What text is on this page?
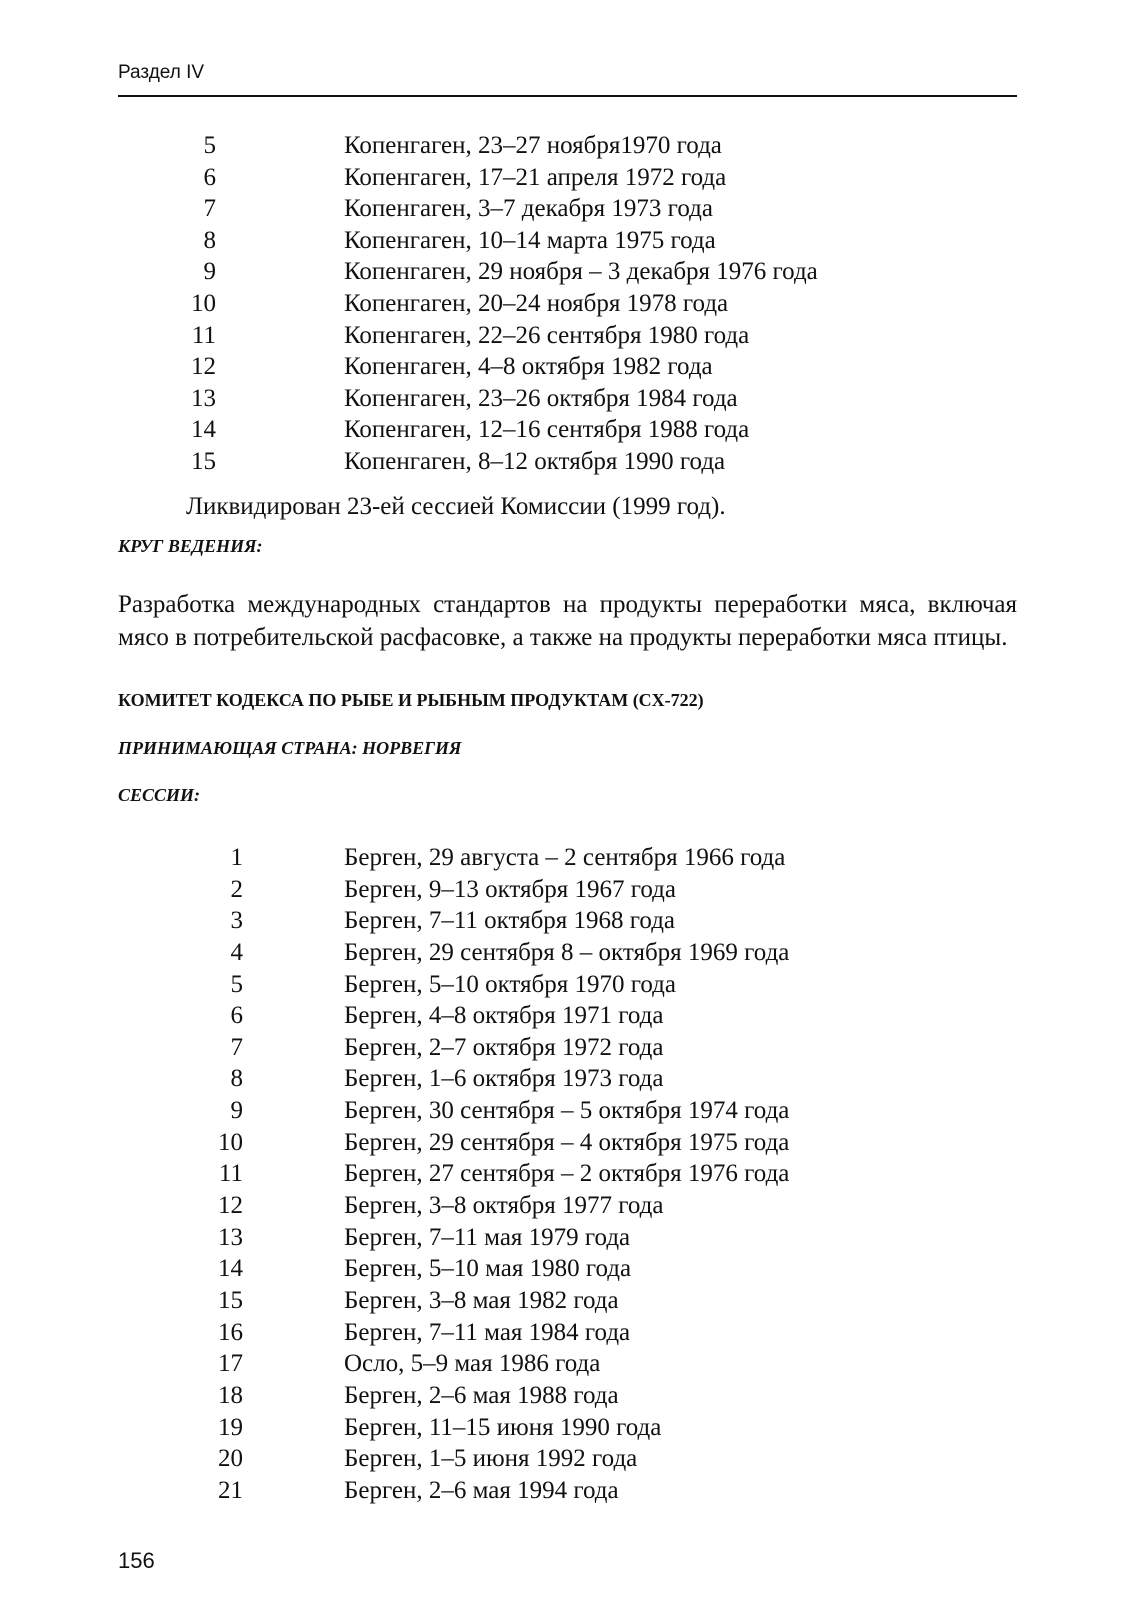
Раздел IV
5	Копенгаген, 23–27 ноября1970 года
6	Копенгаген, 17–21 апреля 1972 года
7	Копенгаген, 3–7 декабря 1973 года
8	Копенгаген, 10–14 марта 1975 года
9	Копенгаген, 29 ноября – 3 декабря 1976 года
10	Копенгаген, 20–24 ноября 1978 года
11	Копенгаген, 22–26 сентября 1980 года
12	Копенгаген, 4–8 октября 1982 года
13	Копенгаген, 23–26 октября 1984 года
14	Копенгаген, 12–16 сентября 1988 года
15	Копенгаген, 8–12 октября 1990 года
Ликвидирован 23-ей сессией Комиссии (1999 год).
КРУГ ВЕДЕНИЯ:
Разработка международных стандартов на продукты переработки мяса, включая мясо в потребительской расфасовке, а также на продукты переработки мяса птицы.
КОМИТЕТ КОДЕКСА ПО РЫБЕ И РЫБНЫМ ПРОДУКТАМ (CX-722)
ПРИНИМАЮЩАЯ СТРАНА: НОРВЕГИЯ
СЕССИИ:
1	Берген, 29 августа – 2 сентября 1966 года
2	Берген, 9–13 октября 1967 года
3	Берген, 7–11 октября 1968 года
4	Берген, 29 сентября 8 – октября 1969 года
5	Берген, 5–10 октября 1970 года
6	Берген, 4–8 октября 1971 года
7	Берген, 2–7 октября 1972 года
8	Берген, 1–6 октября 1973 года
9	Берген, 30 сентября – 5 октября 1974 года
10	Берген, 29 сентября – 4 октября 1975 года
11	Берген, 27 сентября – 2 октября 1976 года
12	Берген, 3–8 октября 1977 года
13	Берген, 7–11 мая 1979 года
14	Берген, 5–10 мая 1980 года
15	Берген, 3–8 мая 1982 года
16	Берген, 7–11 мая 1984 года
17	Осло, 5–9 мая 1986 года
18	Берген, 2–6 мая 1988 года
19	Берген, 11–15 июня 1990 года
20	Берген, 1–5 июня 1992 года
21	Берген, 2–6 мая 1994 года
156
